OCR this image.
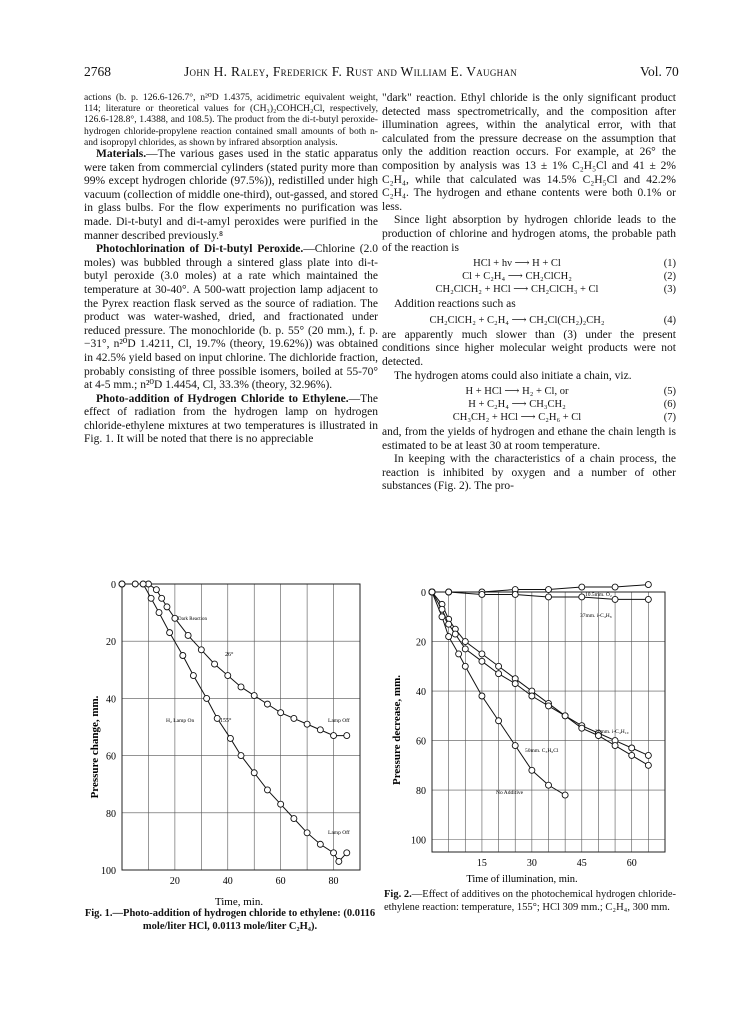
2768	John H. Raley, Frederick F. Rust and William E. Vaughan	Vol. 70

actions (b. p. 126.6-126.7°, n²⁰D 1.4375, acidimetric equivalent weight, 114; literature or theoretical values for (CH₃)₂COHCH₂Cl, respectively, 126.6-128.8°, 1.4388, and 108.5). The product from the di-t-butyl peroxide-hydrogen chloride-propylene reaction contained small amounts of both n- and isopropyl chlorides, as shown by infrared absorption analysis.

Materials.—The various gases used in the static apparatus were taken from commercial cylinders (stated purity more than 99% except hydrogen chloride (97.5%)), redistilled under high vacuum (collection of middle one-third), out-gassed, and stored in glass bulbs. For the flow experiments no purification was made. Di-t-butyl and di-t-amyl peroxides were purified in the manner described previously.⁸

Photochlorination of Di-t-butyl Peroxide.—Chlorine (2.0 moles) was bubbled through a sintered glass plate into di-t-butyl peroxide (3.0 moles) at a rate which maintained the temperature at 30-40°. A 500-watt projection lamp adjacent to the Pyrex reaction flask served as the source of radiation. The product was water-washed, dried, and fractionated under reduced pressure. The monochloride (b. p. 55° (20 mm.), f. p. −31°, n²⁰D 1.4211, Cl, 19.7% (theory, 19.62%)) was obtained in 42.5% yield based on input chlorine. The dichloride fraction, probably consisting of three possible isomers, boiled at 55-70° at 4-5 mm.; n²⁰D 1.4454, Cl, 33.3% (theory, 32.96%).

Photo-addition of Hydrogen Chloride to Ethylene.—The effect of radiation from the hydrogen lamp on hydrogen chloride-ethylene mixtures at two temperatures is illustrated in Fig. 1. It will be noted that there is no appreciable

"dark" reaction. Ethyl chloride is the only significant product detected mass spectrometrically, and the composition after illumination agrees, within the analytical error, with that calculated from the pressure decrease on the assumption that only the addition reaction occurs. For example, at 26° the composition by analysis was 13 ± 1% C₂H₅Cl and 41 ± 2% C₂H₄, while that calculated was 14.5% C₂H₅Cl and 42.2% C₂H₄. The hydrogen and ethane contents were both 0.1% or less.

Since light absorption by hydrogen chloride leads to the production of chlorine and hydrogen atoms, the probable path of the reaction is

HCl + hν ⟶ H + Cl	(1)
Cl + C₂H₄ ⟶ CH₂ClCH₂	(2)
CH₂ClCH₂ + HCl ⟶ CH₂ClCH₃ + Cl	(3)

Addition reactions such as

CH₂ClCH₂ + C₂H₄ ⟶ CH₂Cl(CH₂)₂CH₂	(4)

are apparently much slower than (3) under the present conditions since higher molecular weight products were not detected.

The hydrogen atoms could also initiate a chain, viz.

H + HCl ⟶ H₂ + Cl, or	(5)
H + C₂H₄ ⟶ CH₃CH₂	(6)
CH₃CH₂ + HCl ⟶ C₂H₆ + Cl	(7)

and, from the yields of hydrogen and ethane the chain length is estimated to be at least 30 at room temperature.

In keeping with the characteristics of a chain process, the reaction is inhibited by oxygen and a number of other substances (Fig. 2). The pro-

0
20
40
60
80
100
20	40	60	80
Pressure change, mm.
Time, min.
Dark Reaction
26°
155°
H₂ Lamp On	Lamp Off
Lamp Off
Fig. 1.—Photo-addition of hydrogen chloride to ethylene: (0.0116 mole/liter HCl, 0.0113 mole/liter C₂H₄).
0
20
40
60
80
100
15	30	45	60
Pressure decrease, mm.
Time of illumination, min.
10.5mm. O₂
37mm. i-C₄H₈
30mm. i-C₄H₁₀
50mm. C₃H₆Cl
No Additive
Fig. 2.—Effect of additives on the photochemical hydrogen chloride-ethylene reaction: temperature, 155°; HCl 309 mm.; C₂H₄, 300 mm.
